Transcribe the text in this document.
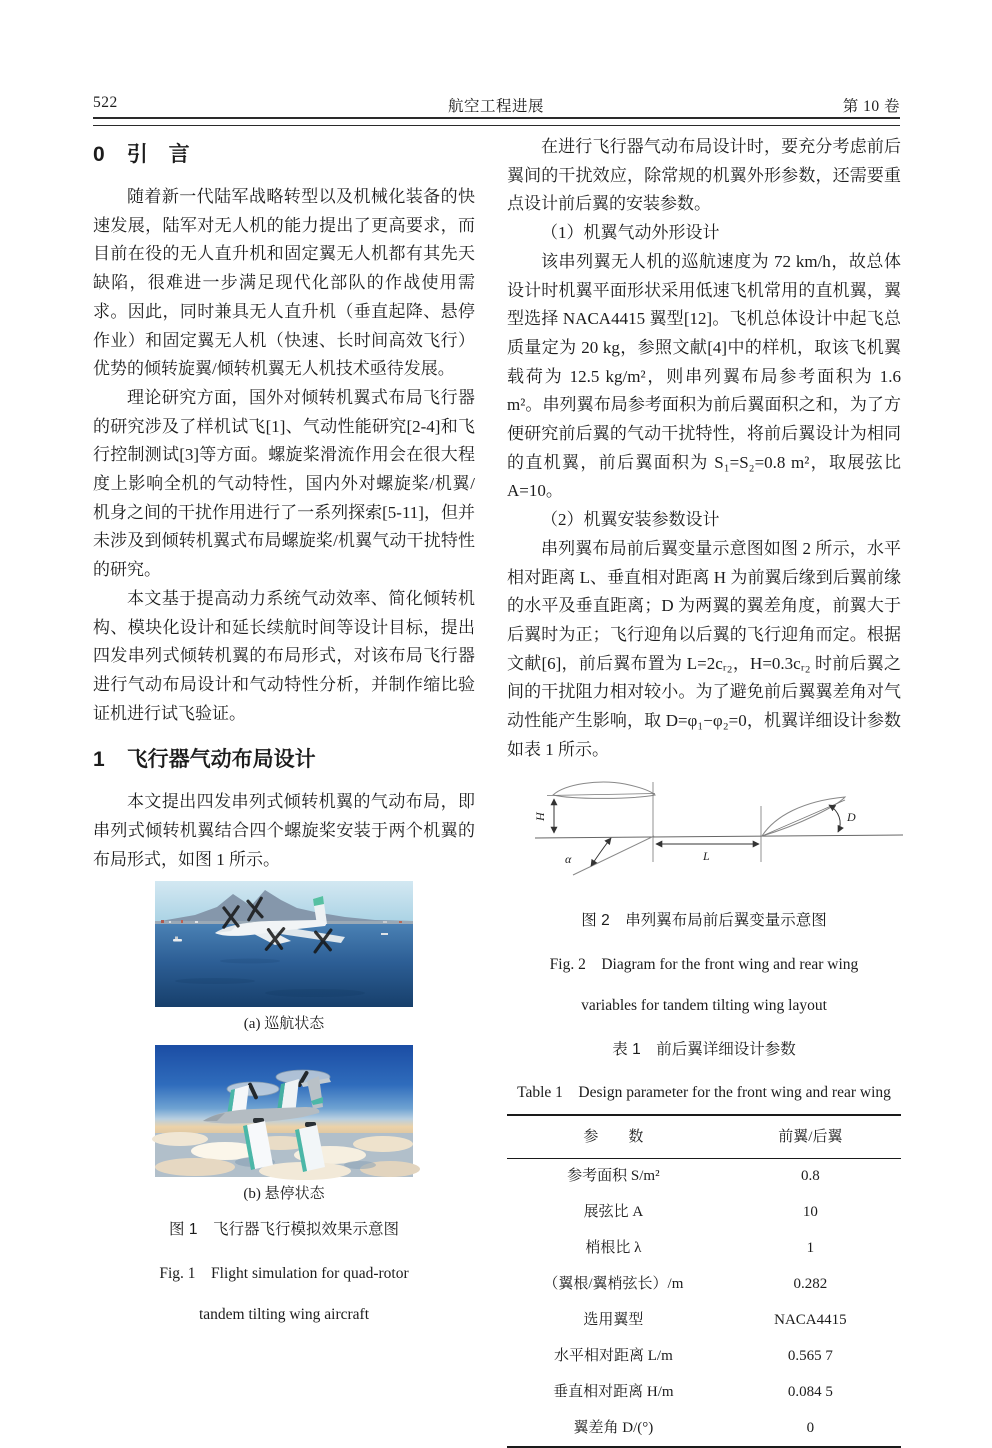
522	航空工程进展	第 10 卷
0 引　言

随着新一代陆军战略转型以及机械化装备的快速发展，陆军对无人机的能力提出了更高要求，而目前在役的无人直升机和固定翼无人机都有其先天缺陷，很难进一步满足现代化部队的作战使用需求。因此，同时兼具无人直升机（垂直起降、悬停作业）和固定翼无人机（快速、长时间高效飞行）优势的倾转旋翼/倾转机翼无人机技术亟待发展。

理论研究方面，国外对倾转机翼式布局飞行器的研究涉及了样机试飞[1]、气动性能研究[2-4]和飞行控制测试[3]等方面。螺旋桨滑流作用会在很大程度上影响全机的气动特性，国内外对螺旋桨/机翼/机身之间的干扰作用进行了一系列探索[5-11]，但并未涉及到倾转机翼式布局螺旋桨/机翼气动干扰特性的研究。

本文基于提高动力系统气动效率、简化倾转机构、模块化设计和延长续航时间等设计目标，提出四发串列式倾转机翼的布局形式，对该布局飞行器进行气动布局设计和气动特性分析，并制作缩比验证机进行试飞验证。

1 飞行器气动布局设计

本文提出四发串列式倾转机翼的气动布局，即串列式倾转机翼结合四个螺旋桨安装于两个机翼的布局形式，如图 1 所示。

(a) 巡航状态

(b) 悬停状态

图 1　飞行器飞行模拟效果示意图

Fig. 1　Flight simulation for quad-rotor

tandem tilting wing aircraft

在进行飞行器气动布局设计时，要充分考虑前后翼间的干扰效应，除常规的机翼外形参数，还需要重点设计前后翼的安装参数。

（1）机翼气动外形设计

该串列翼无人机的巡航速度为 72 km/h，故总体设计时机翼平面形状采用低速飞机常用的直机翼，翼型选择 NACA4415 翼型[12]。飞机总体设计中起飞总质量定为 20 kg，参照文献[4]中的样机，取该飞机翼载荷为 12.5 kg/m²，则串列翼布局参考面积为 1.6 m²。串列翼布局参考面积为前后翼面积之和，为了方便研究前后翼的气动干扰特性，将前后翼设计为相同的直机翼，前后翼面积为 S₁=S₂=0.8 m²，取展弦比 A=10。

（2）机翼安装参数设计

串列翼布局前后翼变量示意图如图 2 所示，水平相对距离 L、垂直相对距离 H 为前翼后缘到后翼前缘的水平及垂直距离；D 为两翼的翼差角度，前翼大于后翼时为正；飞行迎角以后翼的飞行迎角而定。根据文献[6]，前后翼布置为 L=2cᵣ₂，H=0.3cᵣ₂ 时前后翼之间的干扰阻力相对较小。为了避免前后翼翼差角对气动性能产生影响，取 D=φ₁−φ₂=0，机翼详细设计参数如表 1 所示。

H
α	L
D

图 2　串列翼布局前后翼变量示意图

Fig. 2　Diagram for the front wing and rear wing

variables for tandem tilting wing layout

表 1　前后翼详细设计参数

Table 1　Design parameter for the front wing and rear wing

参　　数	前翼/后翼
参考面积 S/m²	0.8
展弦比 A	10
梢根比 λ	1
（翼根/翼梢弦长）/m	0.282
选用翼型	NACA4415
水平相对距离 L/m	0.565 7
垂直相对距离 H/m	0.084 5
翼差角 D/(°)	0
